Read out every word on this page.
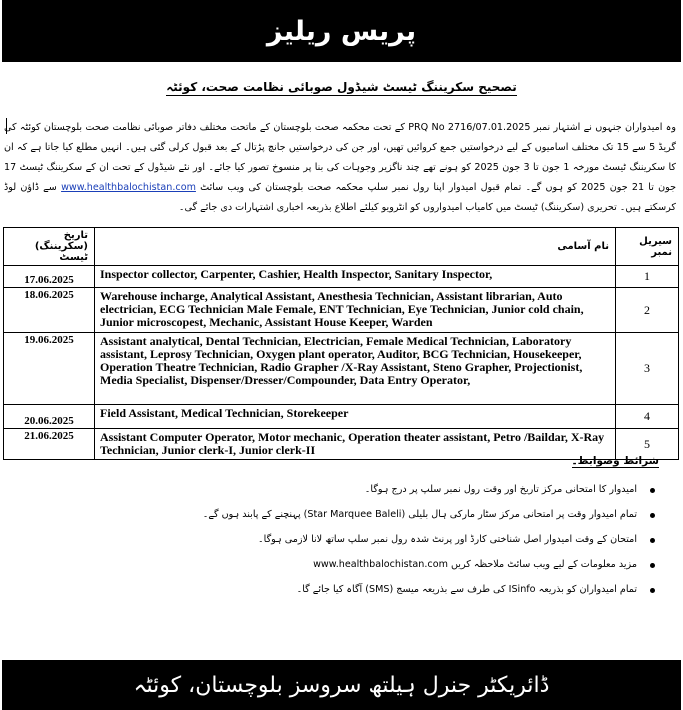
پریس ریلیز
تصحیح سکریننگ ٹیسٹ شیڈول صوبائی نظامت صحت، کوئٹہ
وہ امیدواران جنہوں نے اشتہار نمبر PRQ No 2716/07.01.2025 کے تحت محکمہ صحت بلوچستان کے ماتحت مختلف دفاتر صوبائی نظامت صحت بلوچستان کوئٹہ کی گریڈ 5 سے 15 تک مختلف اسامیوں کے لیے درخواستیں جمع کروائیں تھیں، اور جن کی درخواستیں جانچ پڑتال کے بعد قبول کرلی گئی ہیں۔ انہیں مطلع کیا جاتا ہے کہ ان کا سکریننگ ٹیسٹ مورخہ 1 جون تا 3 جون 2025 کو ہونے تھے چند ناگزیر وجوہات کی بنا پر منسوخ تصور کیا جائے۔ اور نئے شیڈول کے تحت ان کے سکریننگ ٹیسٹ 17 جون تا 21 جون 2025 کو ہوں گے۔ تمام قبول امیدوار اپنا رول نمبر سلپ محکمہ صحت بلوچستان کی ویب سائٹ www.healthbalochistan.com سے ڈاؤن لوڈ کرسکتے ہیں۔ تحریری (سکریننگ) ٹیسٹ میں کامیاب امیدواروں کو انٹرویو کیلئے اطلاع بذریعہ اخباری اشتہارات دی جائے گی۔
سیریل نمبر	نام آسامی	تاریخ (سکریننگ) ٹیسٹ
1	Inspector collector, Carpenter, Cashier, Health Inspector, Sanitary Inspector,	17.06.2025
2	Warehouse incharge, Analytical Assistant, Anesthesia Technician, Assistant librarian, Auto electrician, ECG Technician Male Female, ENT Technician, Eye Technician, Junior cold chain, Junior microscopest, Mechanic, Assistant House Keeper, Warden	18.06.2025
3	Assistant analytical, Dental Technician, Electrician, Female Medical Technician, Laboratory assistant, Leprosy Technician, Oxygen plant operator, Auditor, BCG Technician, Housekeeper, Operation Theatre Technician, Radio Grapher /X-Ray Assistant, Steno Grapher, Projectionist, Media Specialist, Dispenser/Dresser/Compounder, Data Entry Operator,	19.06.2025
4	Field Assistant, Medical Technician, Storekeeper	20.06.2025
5	Assistant Computer Operator, Motor mechanic, Operation theater assistant, Petro /Baildar, X-Ray Technician, Junior clerk-I, Junior clerk-II	21.06.2025
شرائط وضوابط۔
امیدوار کا امتحانی مرکز تاریخ اور وقت رول نمبر سلپ پر درج ہوگا۔
تمام امیدوار وقت پر امتحانی مرکز سٹار مارکی ہال بلیلی (Star Marquee Baleli) پہنچنے کے پابند ہوں گے۔
امتحان کے وقت امیدوار اصل شناختی کارڈ اور پرنٹ شدہ رول نمبر سلپ ساتھ لانا لازمی ہوگا۔
مزید معلومات کے لیے ویب سائٹ ملاحظہ کریں www.healthbalochistan.com
تمام امیدواران کو بذریعہ ISinfo کی طرف سے بذریعہ میسج (SMS) آگاہ کیا جائے گا۔
ڈائریکٹر جنرل ہیلتھ سروسز بلوچستان، کوئٹہ
